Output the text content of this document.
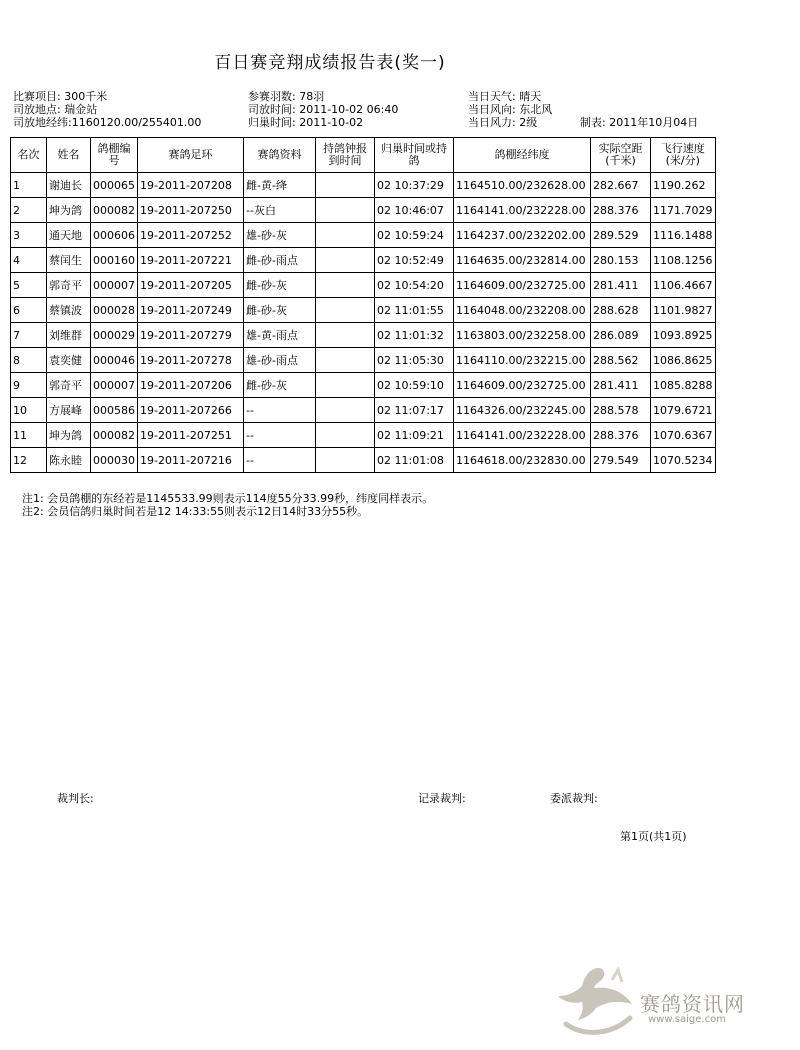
百日赛竞翔成绩报告表(奖一)
比赛项目: 300千米
司放地点: 瑞金站
司放地经纬:1160120.00/255401.00
参赛羽数: 78羽
司放时间: 2011-10-02 06:40
归巢时间: 2011-10-02
当日天气: 晴天
当日风向: 东北风
当日风力: 2级	制表: 2011年10月04日
名次	姓名	鸽棚编号	赛鸽足环	赛鸽资料	持鸽钟报到时间	归巢时间或持鸽	鸽棚经纬度	实际空距(千米)	飞行速度(米/分)

1	谢迪长	000065	19-2011-207208	雌-黄-绛		02 10:37:29	1164510.00/232628.00	282.667	1190.262
2	坤为鸽	000082	19-2011-207250	--灰白		02 10:46:07	1164141.00/232228.00	288.376	1171.7029
3	通天地	000606	19-2011-207252	雄-砂-灰		02 10:59:24	1164237.00/232202.00	289.529	1116.1488
4	蔡闰生	000160	19-2011-207221	雌-砂-雨点		02 10:52:49	1164635.00/232814.00	280.153	1108.1256
5	郭奇平	000007	19-2011-207205	雌-砂-灰		02 10:54:20	1164609.00/232725.00	281.411	1106.4667
6	蔡镇波	000028	19-2011-207249	雌-砂-灰		02 11:01:55	1164048.00/232208.00	288.628	1101.9827
7	刘维群	000029	19-2011-207279	雄-黄-雨点		02 11:01:32	1163803.00/232258.00	286.089	1093.8925
8	袁奕健	000046	19-2011-207278	雄-砂-雨点		02 11:05:30	1164110.00/232215.00	288.562	1086.8625
9	郭奇平	000007	19-2011-207206	雌-砂-灰		02 10:59:10	1164609.00/232725.00	281.411	1085.8288
10	方展峰	000586	19-2011-207266	--		02 11:07:17	1164326.00/232245.00	288.578	1079.6721
11	坤为鸽	000082	19-2011-207251	--		02 11:09:21	1164141.00/232228.00	288.376	1070.6367
12	陈永睦	000030	19-2011-207216	--		02 11:01:08	1164618.00/232830.00	279.549	1070.5234
注1: 会员鸽棚的东经若是1145533.99则表示114度55分33.99秒，纬度同样表示。
注2: 会员信鸽归巢时间若是12 14:33:55则表示12日14时33分55秒。
裁判长:	记录裁判:	委派裁判:
第1页(共1页)
赛鸽资讯网
www.saige.com
